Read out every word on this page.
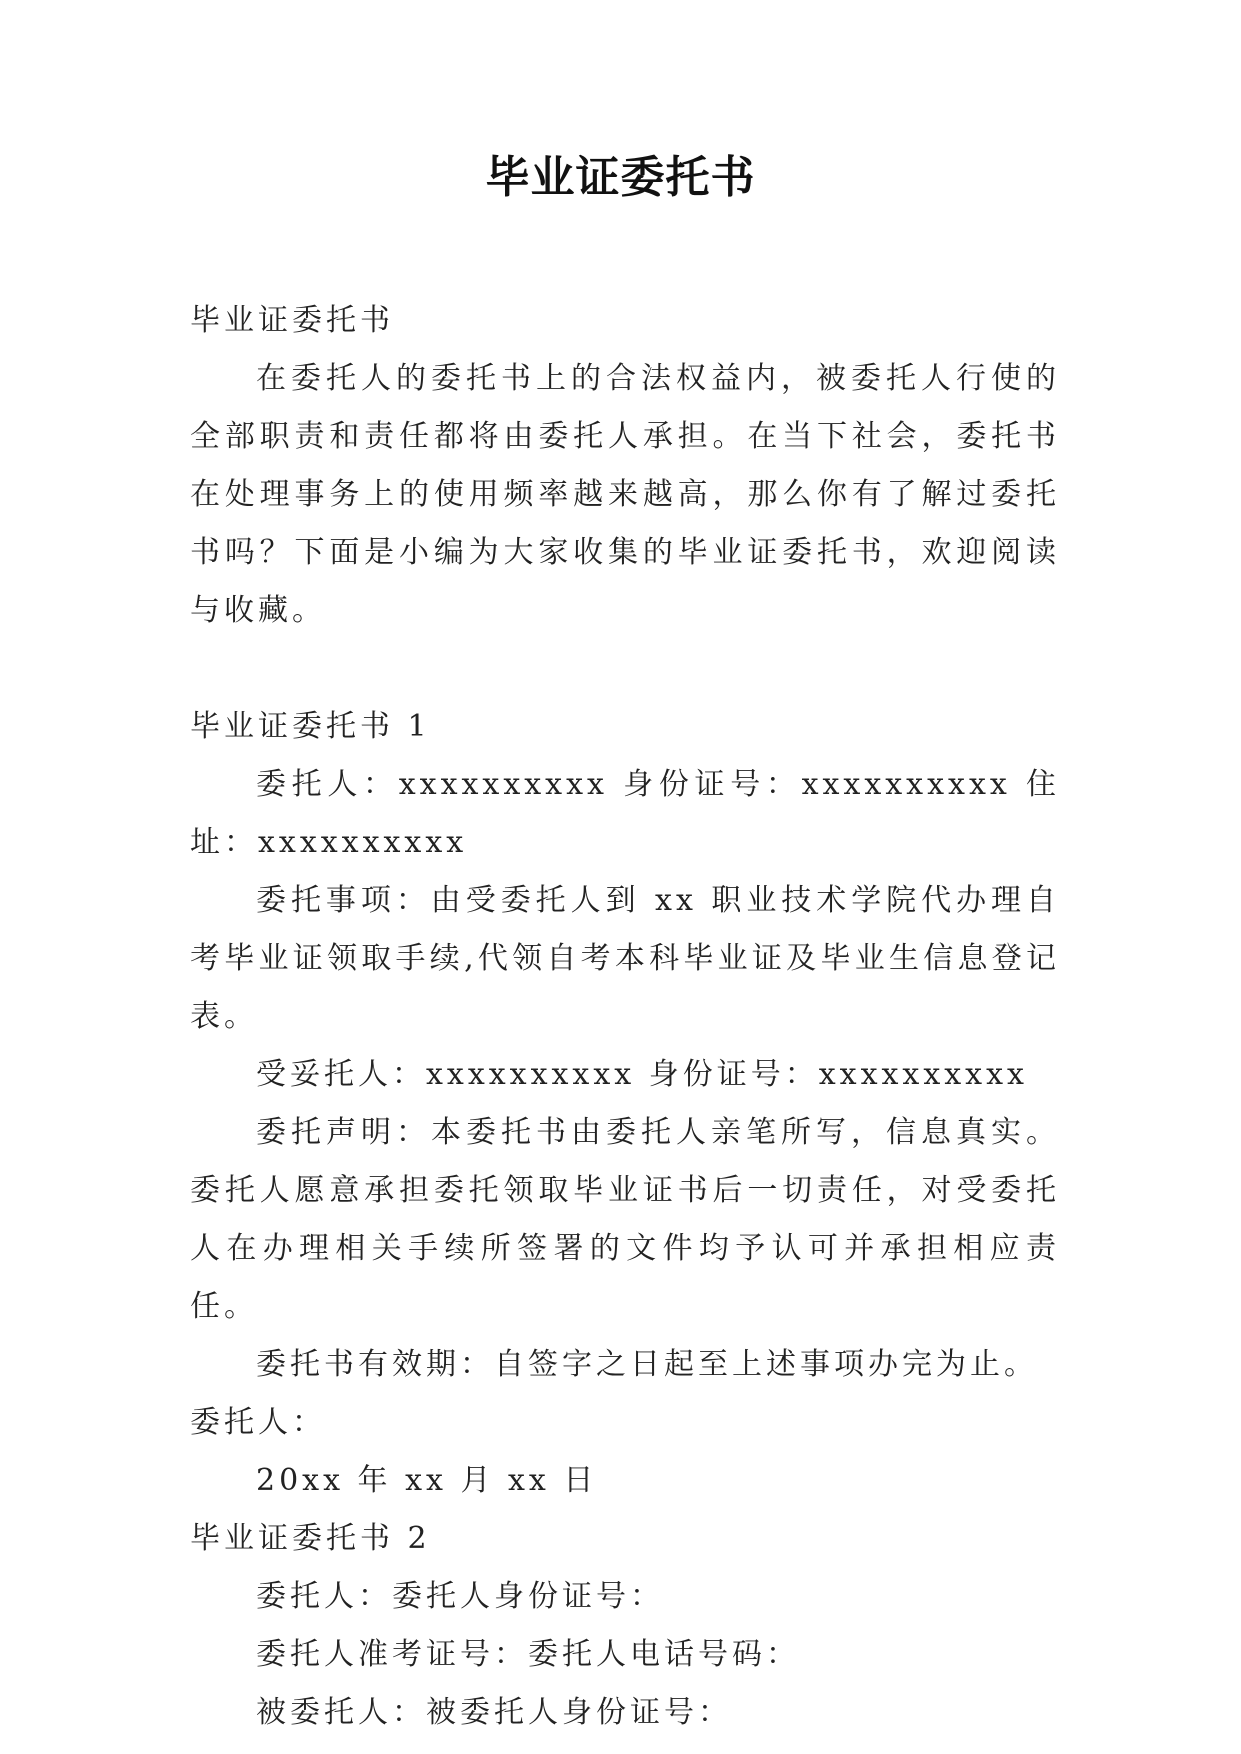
毕业证委托书

毕业证委托书

在委托人的委托书上的合法权益内，被委托人行使的全部职责和责任都将由委托人承担。在当下社会，委托书在处理事务上的使用频率越来越高，那么你有了解过委托书吗？下面是小编为大家收集的毕业证委托书，欢迎阅读与收藏。

毕业证委托书 1

委托人：xxxxxxxxxx 身份证号：xxxxxxxxxx 住址：xxxxxxxxxx

委托事项：由受委托人到 xx 职业技术学院代办理自考毕业证领取手续,代领自考本科毕业证及毕业生信息登记表。

受妥托人：xxxxxxxxxx 身份证号：xxxxxxxxxx

委托声明：本委托书由委托人亲笔所写，信息真实。委托人愿意承担委托领取毕业证书后一切责任，对受委托人在办理相关手续所签署的文件均予认可并承担相应责任。

委托书有效期：自签字之日起至上述事项办完为止。

委托人：

20xx 年 xx 月 xx 日

毕业证委托书 2

委托人：委托人身份证号：

委托人准考证号：委托人电话号码：

被委托人：被委托人身份证号：
